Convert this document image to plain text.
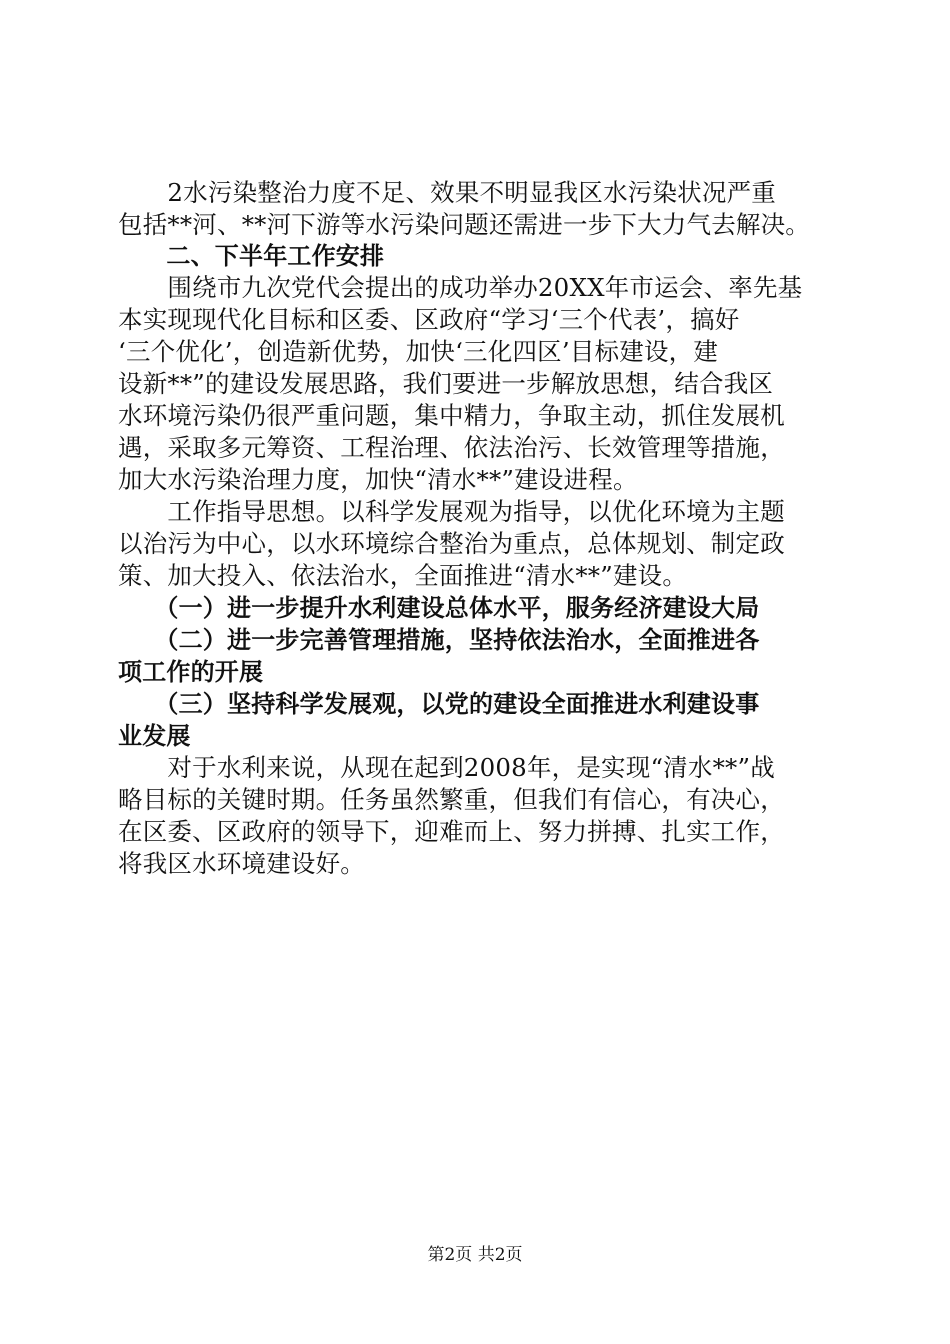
　　2水污染整治力度不足、效果不明显我区水污染状况严重
包括**河、**河下游等水污染问题还需进一步下大力气去解决。
　　二、下半年工作安排
　　围绕市九次党代会提出的成功举办20XX年市运会、率先基
本实现现代化目标和区委、区政府“学习‘三个代表’，搞好
‘三个优化’，创造新优势，加快‘三化四区’目标建设，建
设新**”的建设发展思路，我们要进一步解放思想，结合我区
水环境污染仍很严重问题，集中精力，争取主动，抓住发展机
遇，采取多元筹资、工程治理、依法治污、长效管理等措施，
加大水污染治理力度，加快“清水**”建设进程。
　　工作指导思想。以科学发展观为指导，以优化环境为主题
以治污为中心，以水环境综合整治为重点，总体规划、制定政
策、加大投入、依法治水，全面推进“清水**”建设。
　　（一）进一步提升水利建设总体水平，服务经济建设大局
　　（二）进一步完善管理措施，坚持依法治水，全面推进各
项工作的开展
　　（三）坚持科学发展观，以党的建设全面推进水利建设事
业发展
　　对于水利来说，从现在起到2008年，是实现“清水**”战
略目标的关键时期。任务虽然繁重，但我们有信心，有决心，
在区委、区政府的领导下，迎难而上、努力拼搏、扎实工作，
将我区水环境建设好。
第2页 共2页
